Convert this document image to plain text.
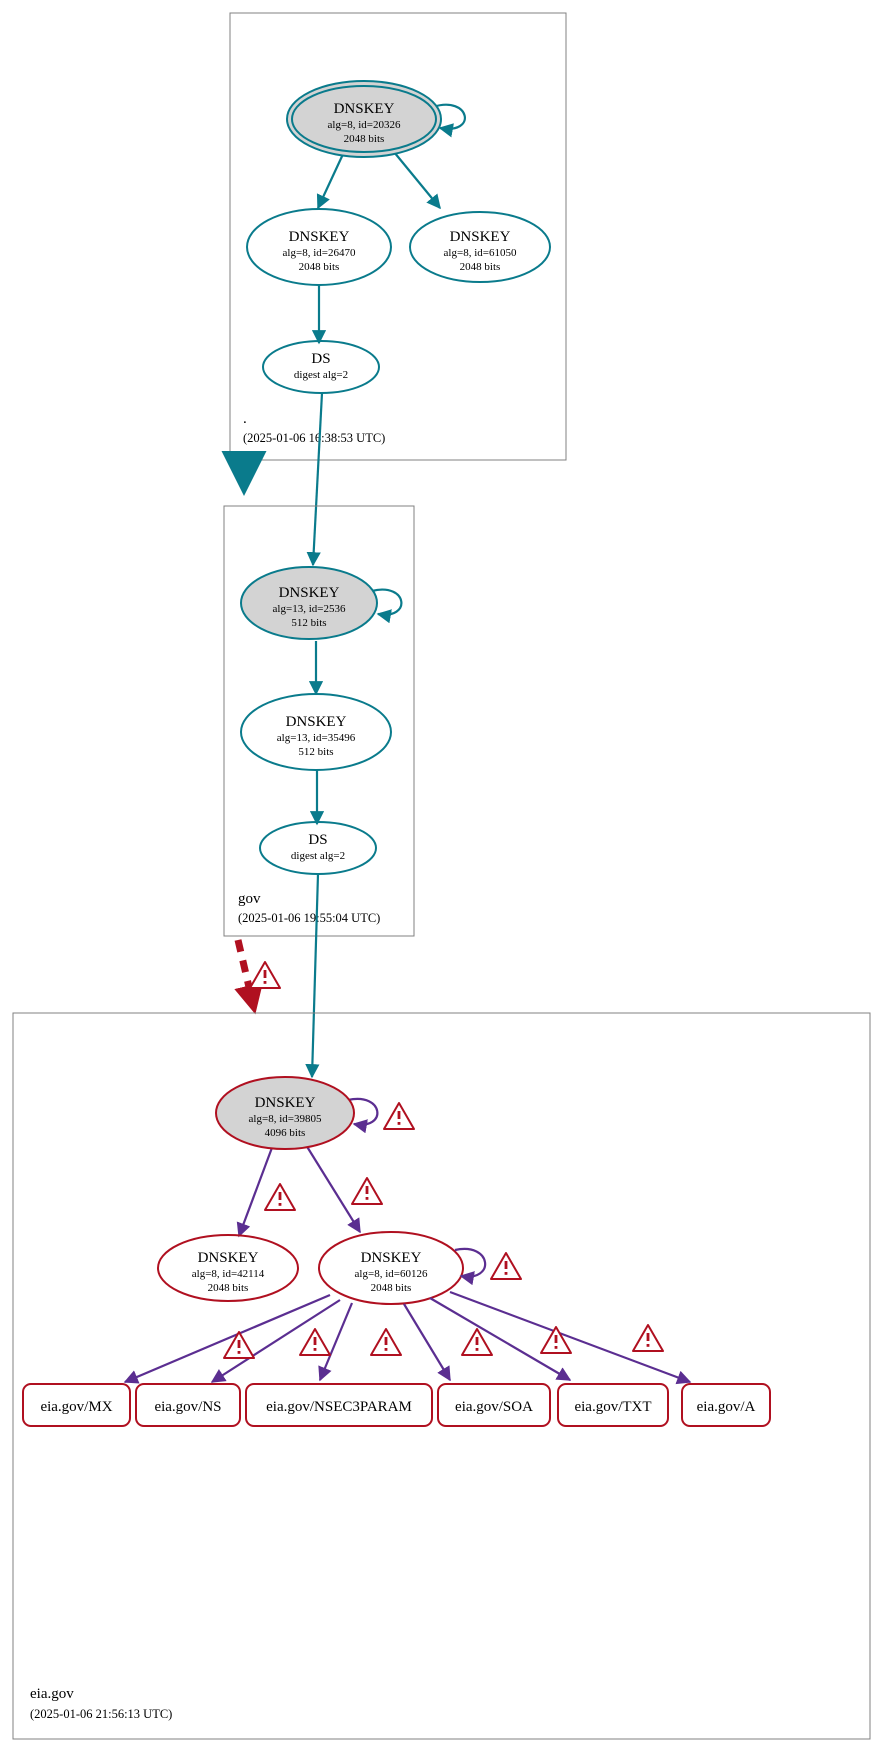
.
(2025-01-06 16:38:53 UTC)
DNSKEY
alg=8, id=20326
2048 bits
DNSKEY
alg=8, id=26470
2048 bits
DNSKEY
alg=8, id=61050
2048 bits
DS
digest alg=2
gov
(2025-01-06 19:55:04 UTC)
DNSKEY
alg=13, id=2536
512 bits
DNSKEY
alg=13, id=35496
512 bits
DS
digest alg=2
eia.gov
(2025-01-06 21:56:13 UTC)
DNSKEY
alg=8, id=39805
4096 bits
DNSKEY
alg=8, id=42114
2048 bits
DNSKEY
alg=8, id=60126
2048 bits
eia.gov/MX	eia.gov/NS	eia.gov/NSEC3PARAM	eia.gov/SOA	eia.gov/TXT	eia.gov/A
